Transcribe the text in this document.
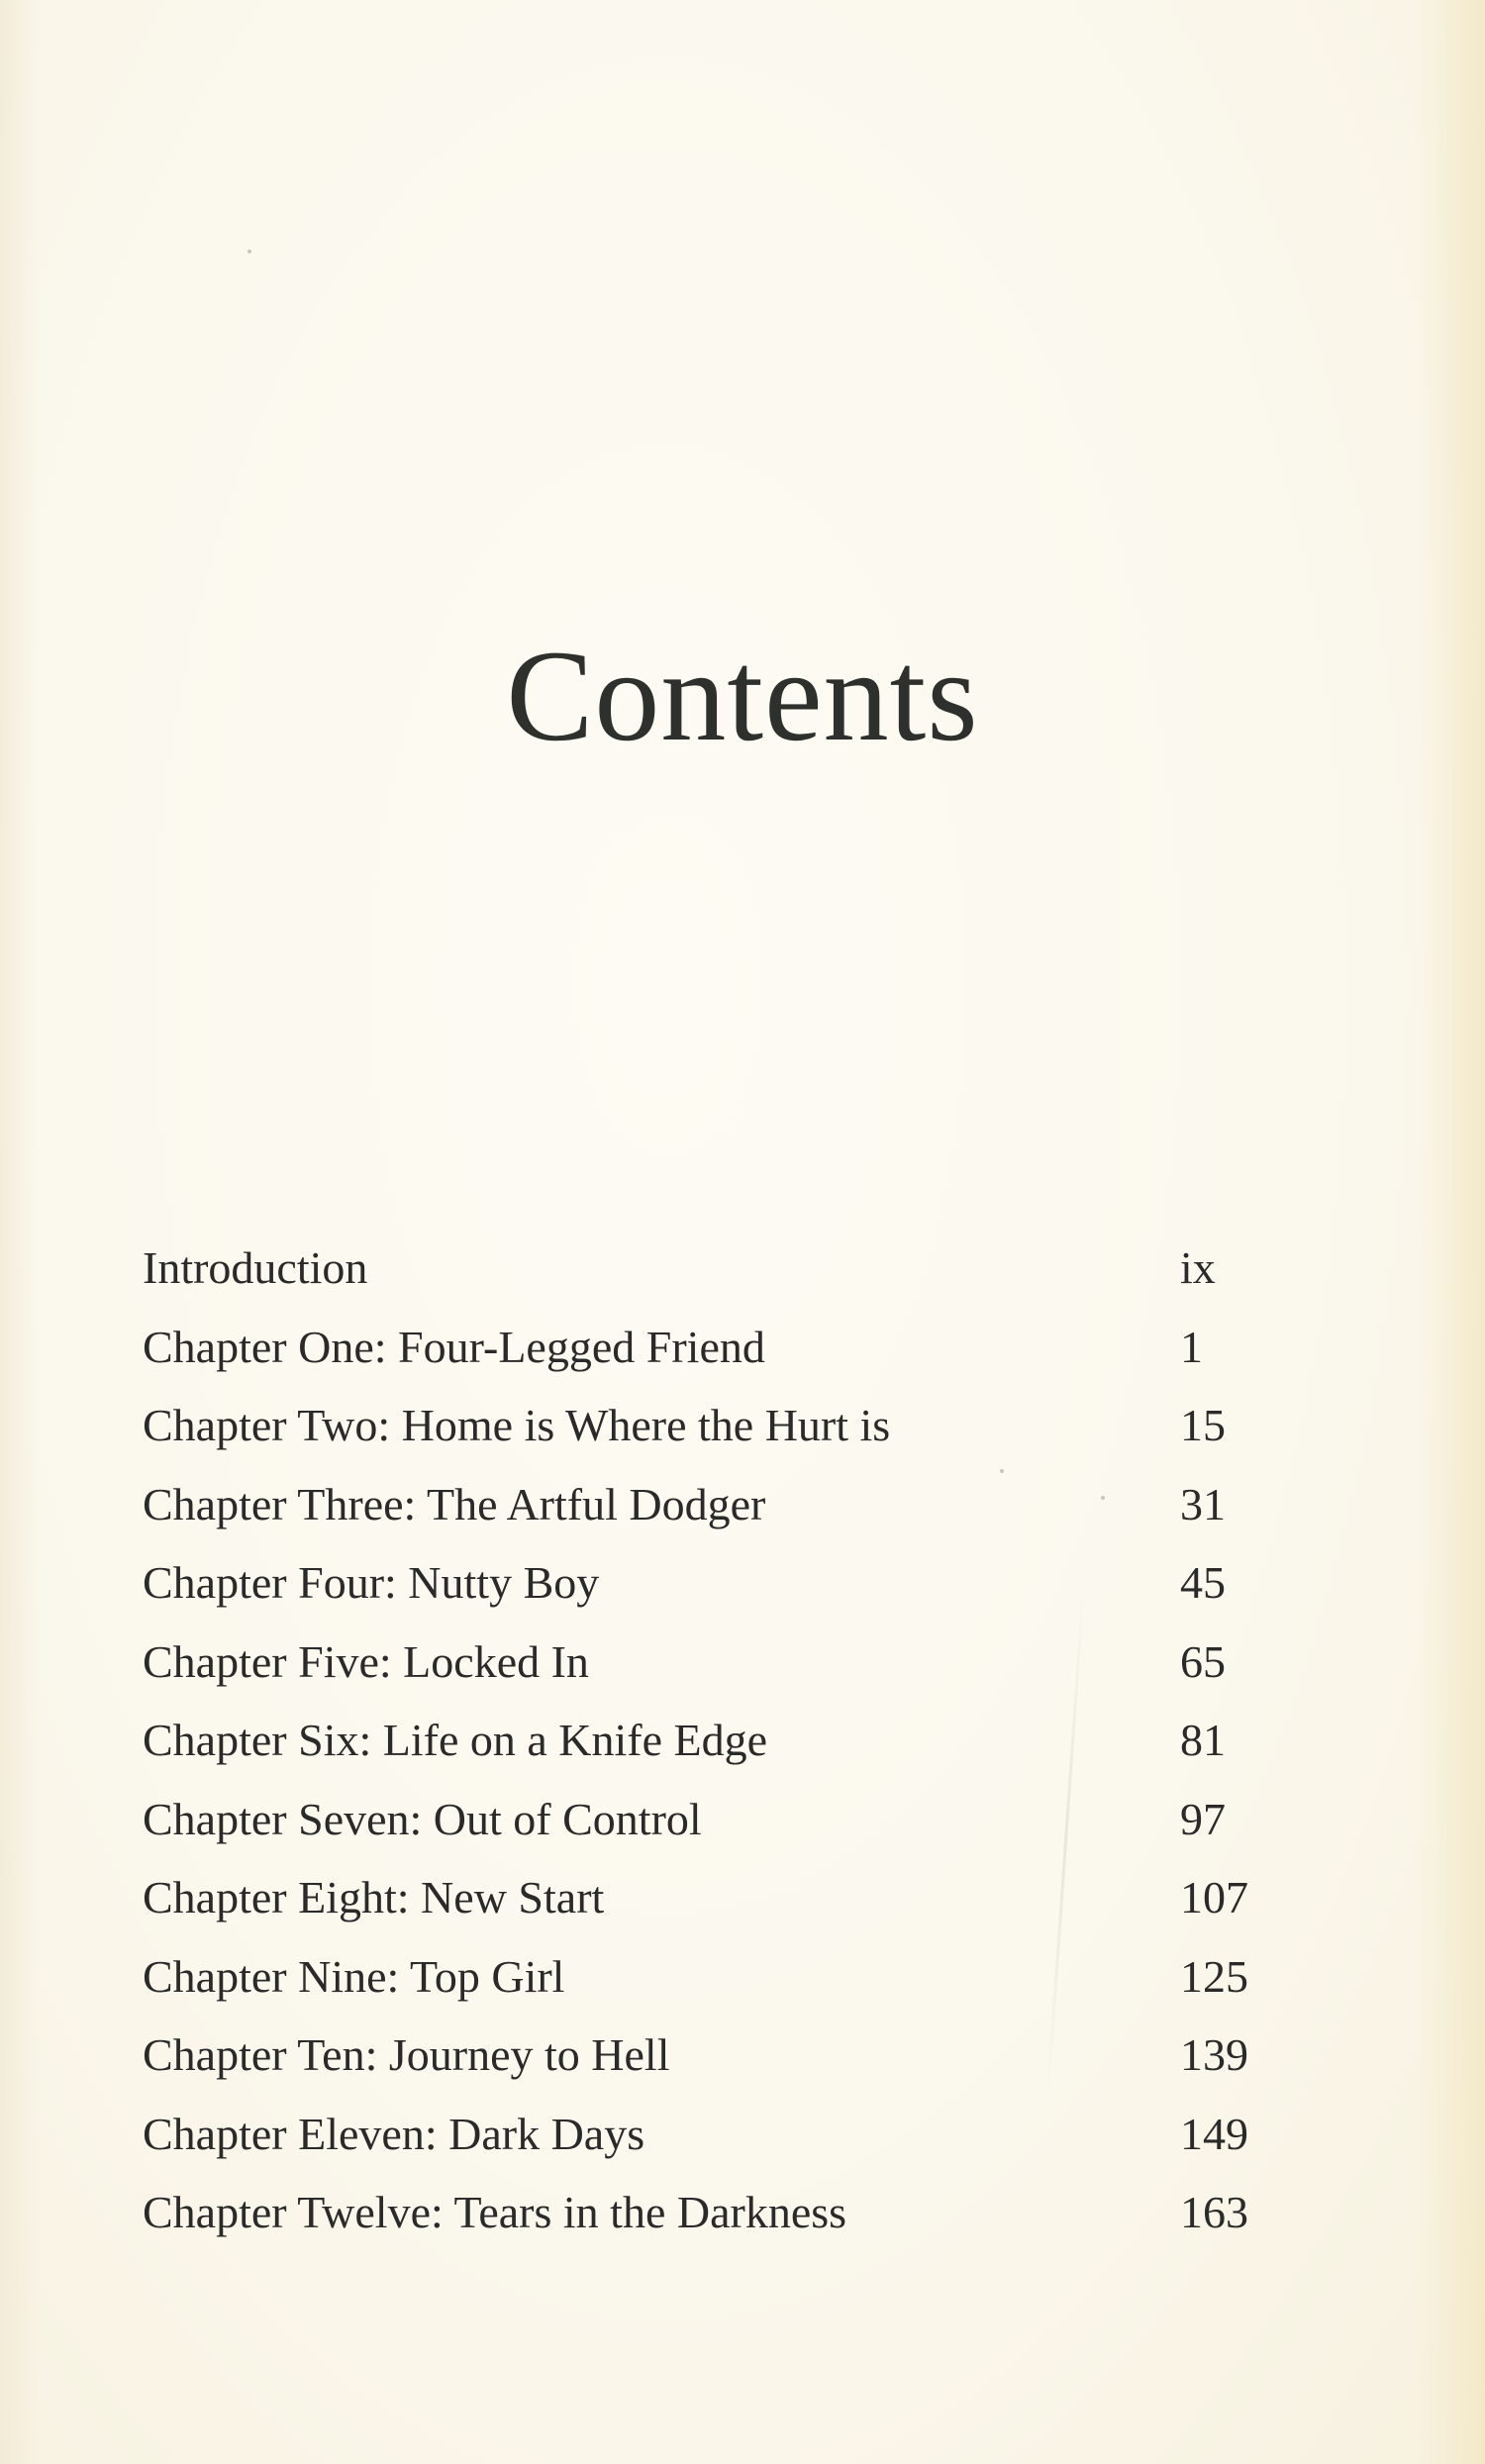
Contents
Introduction	ix
Chapter One: Four-Legged Friend	1
Chapter Two: Home is Where the Hurt is	15
Chapter Three: The Artful Dodger	31
Chapter Four: Nutty Boy	45
Chapter Five: Locked In	65
Chapter Six: Life on a Knife Edge	81
Chapter Seven: Out of Control	97
Chapter Eight: New Start	107
Chapter Nine: Top Girl	125
Chapter Ten: Journey to Hell	139
Chapter Eleven: Dark Days	149
Chapter Twelve: Tears in the Darkness	163
